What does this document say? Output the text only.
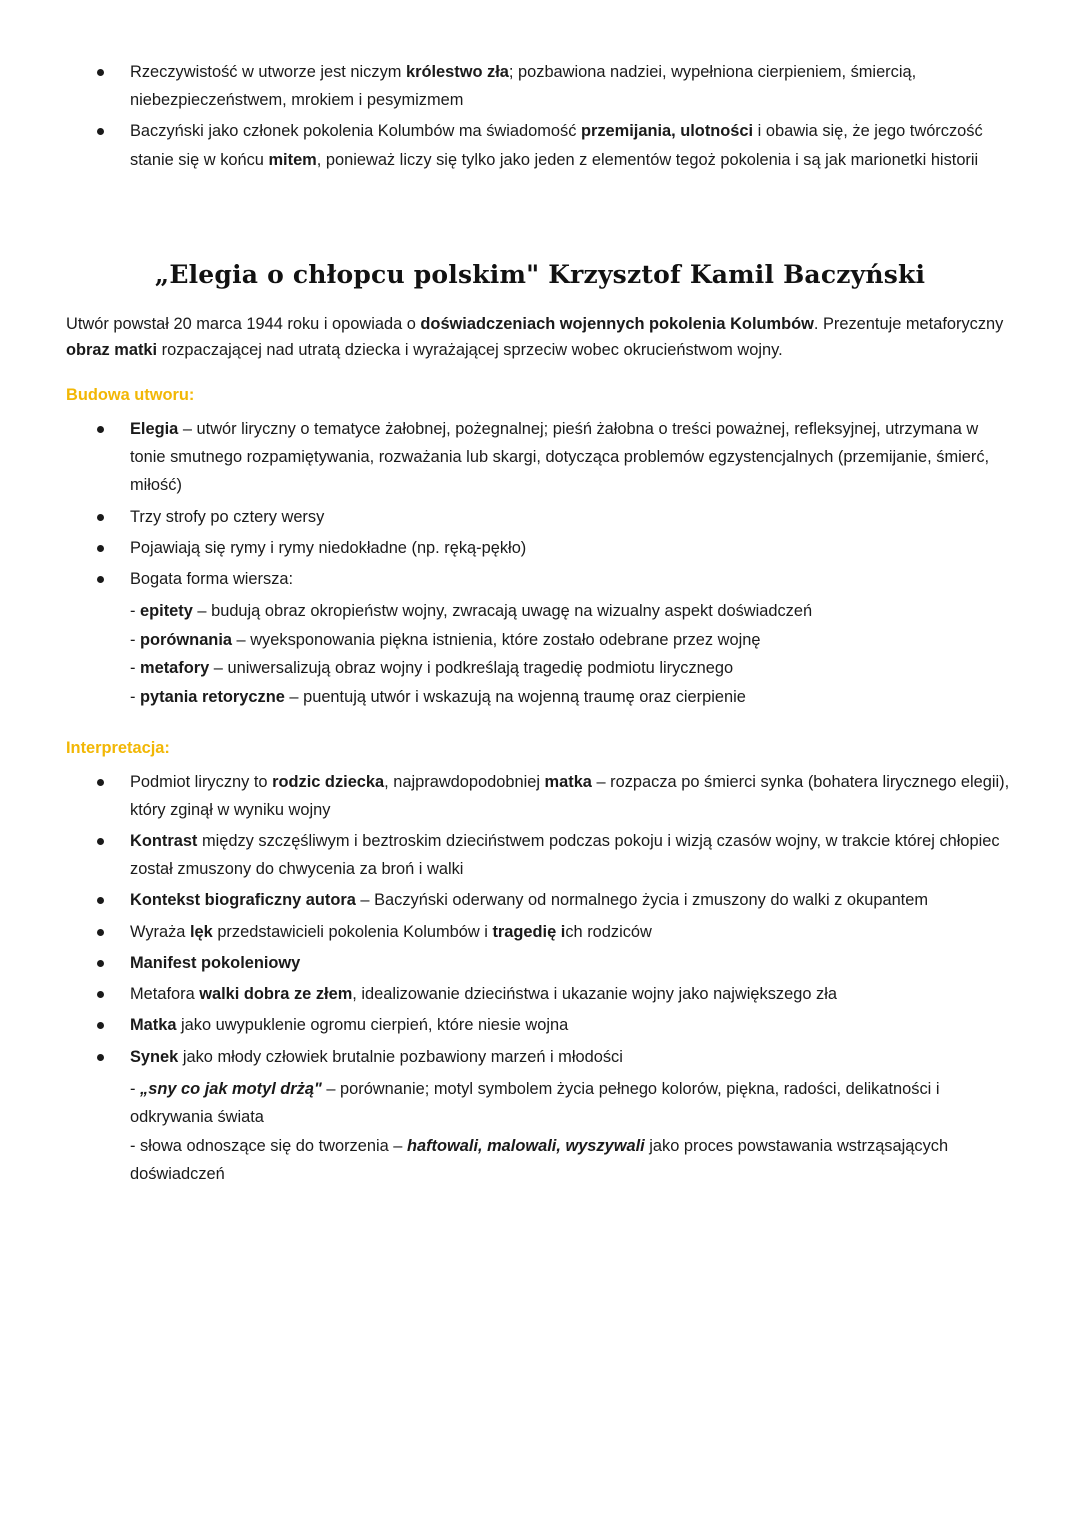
Rzeczywistość w utworze jest niczym królestwo zła; pozbawiona nadziei, wypełniona cierpieniem, śmiercią, niebezpieczeństwem, mrokiem i pesymizmem
Baczyński jako członek pokolenia Kolumbów ma świadomość przemijania, ulotności i obawia się, że jego twórczość stanie się w końcu mitem, ponieważ liczy się tylko jako jeden z elementów tegoż pokolenia i są jak marionetki historii
„Elegia o chłopcu polskim" Krzysztof Kamil Baczyński

Utwór powstał 20 marca 1944 roku i opowiada o doświadczeniach wojennych pokolenia Kolumbów. Prezentuje metaforyczny obraz matki rozpaczającej nad utratą dziecka i wyrażającej sprzeciw wobec okrucieństwom wojny.

Budowa utworu:
Elegia – utwór liryczny o tematyce żałobnej, pożegnalnej; pieśń żałobna o treści poważnej, refleksyjnej, utrzymana w tonie smutnego rozpamiętywania, rozważania lub skargi, dotycząca problemów egzystencjalnych (przemijanie, śmierć, miłość)
Trzy strofy po cztery wersy
Pojawiają się rymy i rymy niedokładne (np. ręką-pękło)
Bogata forma wiersza:
- epitety – budują obraz okropieństw wojny, zwracają uwagę na wizualny aspekt doświadczeń
- porównania – wyeksponowania piękna istnienia, które zostało odebrane przez wojnę
- metafory – uniwersalizują obraz wojny i podkreślają tragedię podmiotu lirycznego
- pytania retoryczne – puentują utwór i wskazują na wojenną traumę oraz cierpienie
Interpretacja:
Podmiot liryczny to rodzic dziecka, najprawdopodobniej matka – rozpacza po śmierci synka (bohatera lirycznego elegii), który zginął w wyniku wojny
Kontrast między szczęśliwym i beztroskim dzieciństwem podczas pokoju i wizją czasów wojny, w trakcie której chłopiec został zmuszony do chwycenia za broń i walki
Kontekst biograficzny autora – Baczyński oderwany od normalnego życia i zmuszony do walki z okupantem
Wyraża lęk przedstawicieli pokolenia Kolumbów i tragedię ich rodziców
Manifest pokoleniowy
Metafora walki dobra ze złem, idealizowanie dzieciństwa i ukazanie wojny jako największego zła
Matka jako uwypuklenie ogromu cierpień, które niesie wojna
Synek jako młody człowiek brutalnie pozbawiony marzeń i młodości
- „sny co jak motyl drżą" – porównanie; motyl symbolem życia pełnego kolorów, piękna, radości, delikatności i odkrywania świata
- słowa odnoszące się do tworzenia – haftowali, malowali, wyszywali jako proces powstawania wstrząsających doświadczeń
